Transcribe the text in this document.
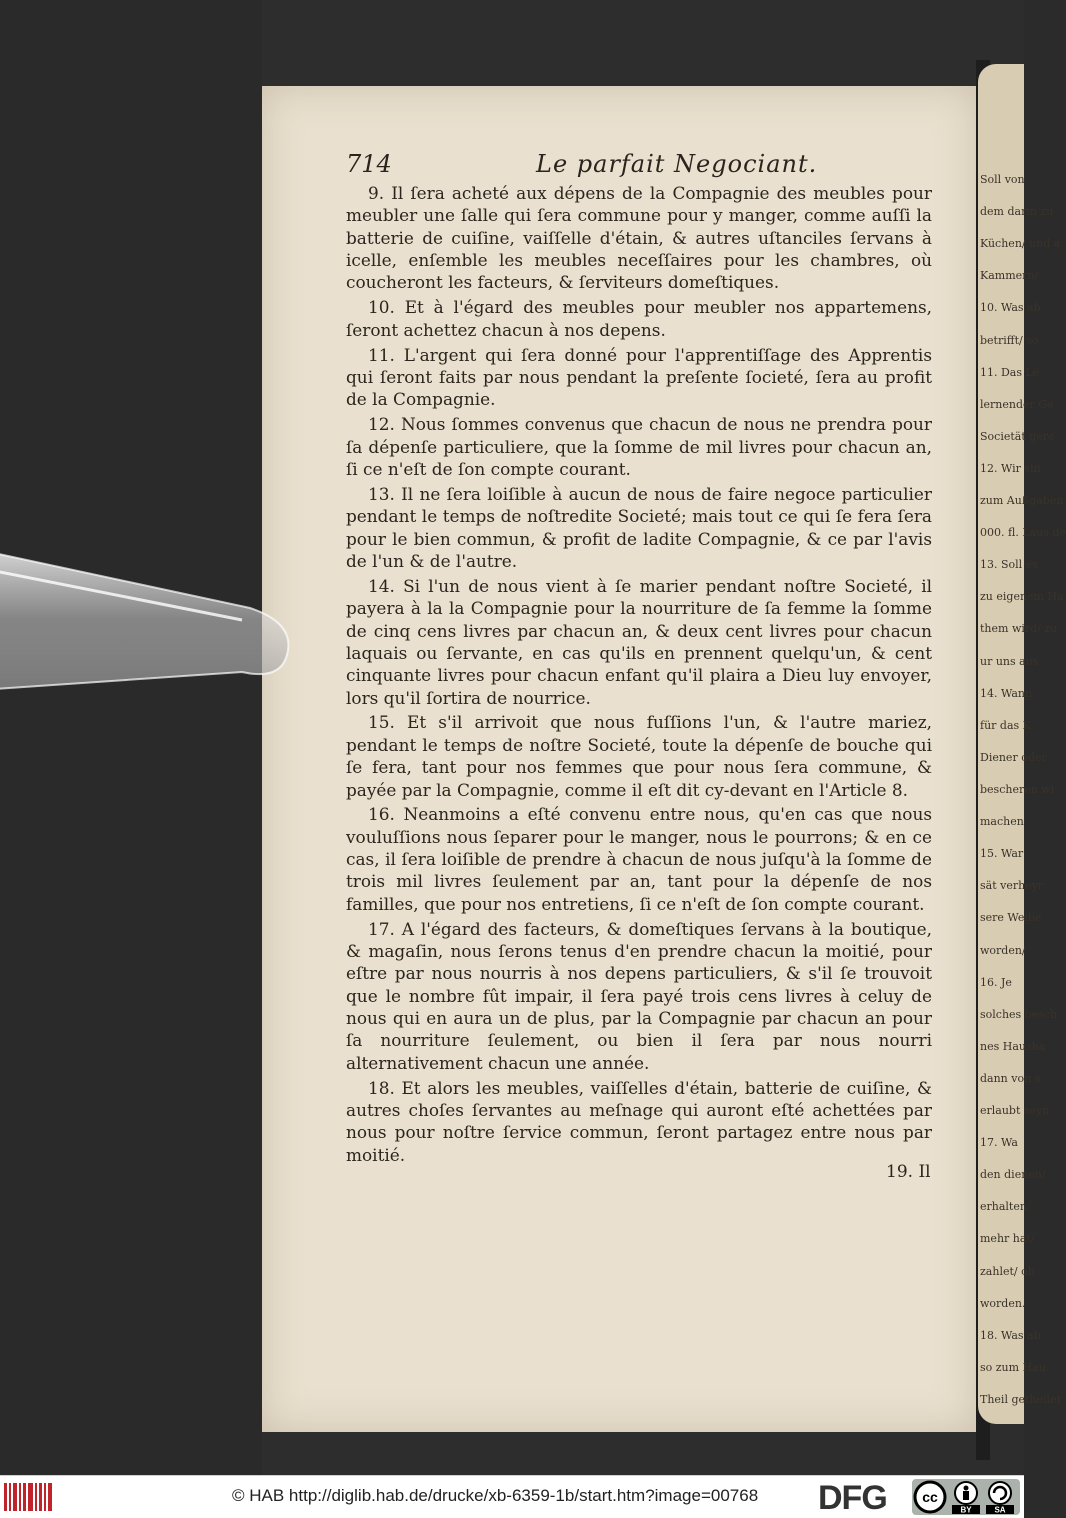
Soll von
dem darin zu
Küchen/ und a
Kammern/
10. Was ab
betrifft/ so
11. Das Le
lernender Ge
Societät gere
12. Wir sin
zum Außgaben
000. fl. Laus de
13. Soll es
zu eigenem Ha
them wird/ zu
ur uns aus
14. Wann
für das K
Diener oder
bescheren wi
machen.
15. War
sät verheyr
sere Weibe
worden/
16. Je
solches besch
nes Hausha
dann von s
erlaubt seyn
17. Wa
den dienen/
erhalten/
mehr hat/
zahlet/ ob
worden.
18. Was ab
so zum Hau
Theil getheilet
714	Le parfait Negociant.

9. Il ſera acheté aux dépens de la Compagnie des meubles pour meubler une ſalle qui ſera commune pour y manger, comme auſſi la batterie de cuiſine, vaiſſelle d'étain, & autres uſtanciles ſervans à icelle, enſemble les meubles neceſſaires pour les chambres, où coucheront les facteurs, & ſerviteurs domeſtiques.

10. Et à l'égard des meubles pour meubler nos appartemens, ſeront achettez chacun à nos depens.

11. L'argent qui ſera donné pour l'apprentiſſage des Apprentis qui ſeront faits par nous pendant la preſente ſocieté, ſera au profit de la Compagnie.

12. Nous ſommes convenus que chacun de nous ne prendra pour ſa dépenſe particuliere, que la ſomme de mil livres pour chacun an, ſi ce n'eſt de ſon compte courant.

13. Il ne ſera loiſible à aucun de nous de faire negoce particulier pendant le temps de noſtredite Societé; mais tout ce qui ſe fera ſera pour le bien commun, & profit de ladite Compagnie, & ce par l'avis de l'un & de l'autre.

14. Si l'un de nous vient à ſe marier pendant noſtre Societé, il payera à la la Compagnie pour la nourriture de ſa femme la ſomme de cinq cens livres par chacun an, & deux cent livres pour chacun laquais ou ſervante, en cas qu'ils en prennent quelqu'un, & cent cinquante livres pour chacun enfant qu'il plaira a Dieu luy envoyer, lors qu'il ſortira de nourrice.

15. Et s'il arrivoit que nous fuſſions l'un, & l'autre mariez, pendant le temps de noſtre Societé, toute la dépenſe de bouche qui ſe fera, tant pour nos femmes que pour nous ſera commune, & payée par la Compagnie, comme il eſt dit cy-devant en l'Article 8.

16. Neanmoins a eſté convenu entre nous, qu'en cas que nous vouluſſions nous ſeparer pour le manger, nous le pourrons; & en ce cas, il ſera loiſible de prendre à chacun de nous juſqu'à la ſomme de trois mil livres ſeulement par an, tant pour la dépenſe de nos familles, que pour nos entretiens, ſi ce n'eſt de ſon compte courant.

17. A l'égard des facteurs, & domeſtiques ſervans à la boutique, & magaſin, nous ſerons tenus d'en prendre chacun la moitié, pour eſtre par nous nourris à nos depens particuliers, & s'il ſe trouvoit que le nombre fût impair, il ſera payé trois cens livres à celuy de nous qui en aura un de plus, par la Compagnie par chacun an pour ſa nourriture ſeulement, ou bien il ſera par nous nourri alternativement chacun une année.

18. Et alors les meubles, vaiſſelles d'étain, batterie de cuiſine, & autres choſes ſervantes au meſnage qui auront eſté achettées par nous pour noſtre ſervice commun, ſeront partagez entre nous par moitié.

19. Il
© HAB http://diglib.hab.de/drucke/xb-6359-1b/start.htm?image=00768 DFG	cc
BY	SA
